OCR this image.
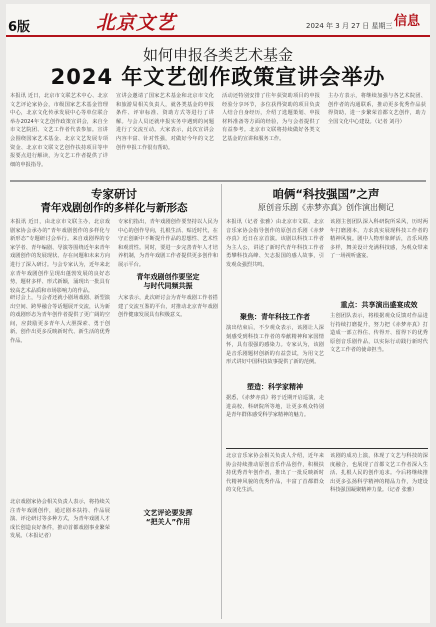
6版	北京文艺	2024 年 3 月 27 日 星期三 信息
如何申报各类艺术基金
2024 年文艺创作政策宣讲会举办
本报讯 近日，北京市文联艺术中心、北京文艺评论家协会，市级国家艺术基金管理中心，北京文化传承发展中心等单位联合举办2024年文艺创作政策宣讲会，来自全市文艺院团、文艺工作者代表参加。宣讲会围绕国家艺术基金、北京文艺发展专项资金、北京市文联文艺创作扶持项目等申报要点进行解读，为文艺工作者提供了详细的申报指导。
宣讲会邀请了国家艺术基金和北京市文化和旅游局相关负责人，就各类基金的申报条件、评审标准、资助方式等进行了讲解。与会人员还就申报实务中遇到的问题进行了交流互动。大家表示，此次宣讲会内容丰富、针对性强，对做好今年的文艺创作申报工作很有帮助。
活动还特别安排了往年获资助项目的申报经验分享环节，多位获得资助的项目负责人结合自身经历，介绍了选题策划、申报材料准备等方面的经验，为与会者提供了有益参考。北京市文联将持续做好各类文艺基金的宣讲和服务工作。
主办方表示，将继续加强与各艺术院团、创作者的沟通联系，推动更多优秀作品获得资助，进一步繁荣首都文艺创作，助力全国文化中心建设。（记者 刘丹）
专家研讨
青年戏剧创作的多样化与新形态
本报讯 近日，由北京市文联主办，北京戏剧家协会承办的“青年戏剧创作的多样化与新形态”专题研讨会举行。来自戏剧界的专家学者、青年编剧、导演等围绕近年来青年戏剧创作的发展现状、存在问题和未来方向进行了深入研讨。与会专家认为，近年来北京青年戏剧创作呈现出蓬勃发展的良好态势，题材多样、形式新颖，涌现出一批具有较高艺术品质和市场影响力的作品。
专家们指出，青年戏剧创作要坚持以人民为中心的创作导向，扎根生活、贴近时代，在守正创新中不断提升作品的思想性、艺术性和观赏性。同时，要进一步完善青年人才培养机制，为青年戏剧工作者提供更多创作和展示平台。
青年戏剧创作要坚定
与时代同频共振
研讨会上，与会者还就小剧场戏剧、新型演出空间、跨界融合等话题展开交流，认为新的戏剧形态为青年创作者提供了更广阔的空间，应鼓励更多青年人大胆探索、勇于创新，创作出更多反映新时代、新生活的优秀作品。
大家表示，此次研讨会为青年戏剧工作者搭建了交流互鉴的平台，对推动北京青年戏剧创作健康发展具有积极意义。
文艺评论要发挥
“把关人”作用
北京戏剧家协会相关负责人表示，将持续关注青年戏剧创作，通过剧本扶持、作品展演、评论研讨等多种方式，为青年戏剧人才成长创造良好条件，推动首都戏剧事业繁荣发展。（本报记者）
咱俩“科技强国”之声
原创音乐剧《赤梦亦真》创作演出侧记
本报讯（记者 张雅）由北京市文联、北京音乐家协会指导创作的原创音乐剧《赤梦亦真》近日在京首演。该剧以科技工作者为主人公，讲述了新时代青年科技工作者勇攀科技高峰、矢志报国的感人故事，引发观众强烈共鸣。
该剧主创团队深入科研院所采风，历时两年打磨剧本，力求真实展现科技工作者的精神风貌。剧中人物形象鲜活，音乐风格多样，舞美设计充满科技感，为观众带来了一场视听盛宴。
聚焦：青年科技工作者
演出结束后，不少观众表示，该剧让人深刻感受到科技工作者的奉献精神和家国情怀，具有很强的感染力。专家认为，该剧是音乐剧题材创新的有益尝试，为用文艺形式讲好中国科技故事提供了新的范例。
塑造：科学家精神
据悉，《赤梦亦真》将于近期开启巡演，走进高校、科研院所等地，让更多观众特别是青年群体感受科学家精神的魅力。
重点：共享演出盛宴成效
主创团队表示，将根据观众反馈对作品进行持续打磨提升，努力把《赤梦亦真》打造成一部立得住、传得开、留得下的优秀原创音乐剧作品，以实际行动践行新时代文艺工作者的使命担当。
北京音乐家协会相关负责人介绍，近年来协会持续推动原创音乐作品创作，积极扶持优秀青年创作者，推出了一批反映新时代精神风貌的优秀作品，丰富了首都群众的文化生活。
该剧的成功上演，体现了文艺与科技的深度融合，也展现了首都文艺工作者深入生活、扎根人民的创作追求。今后将继续推出更多弘扬科学精神的精品力作，为建设科技强国凝聚精神力量。（记者 张雅）
